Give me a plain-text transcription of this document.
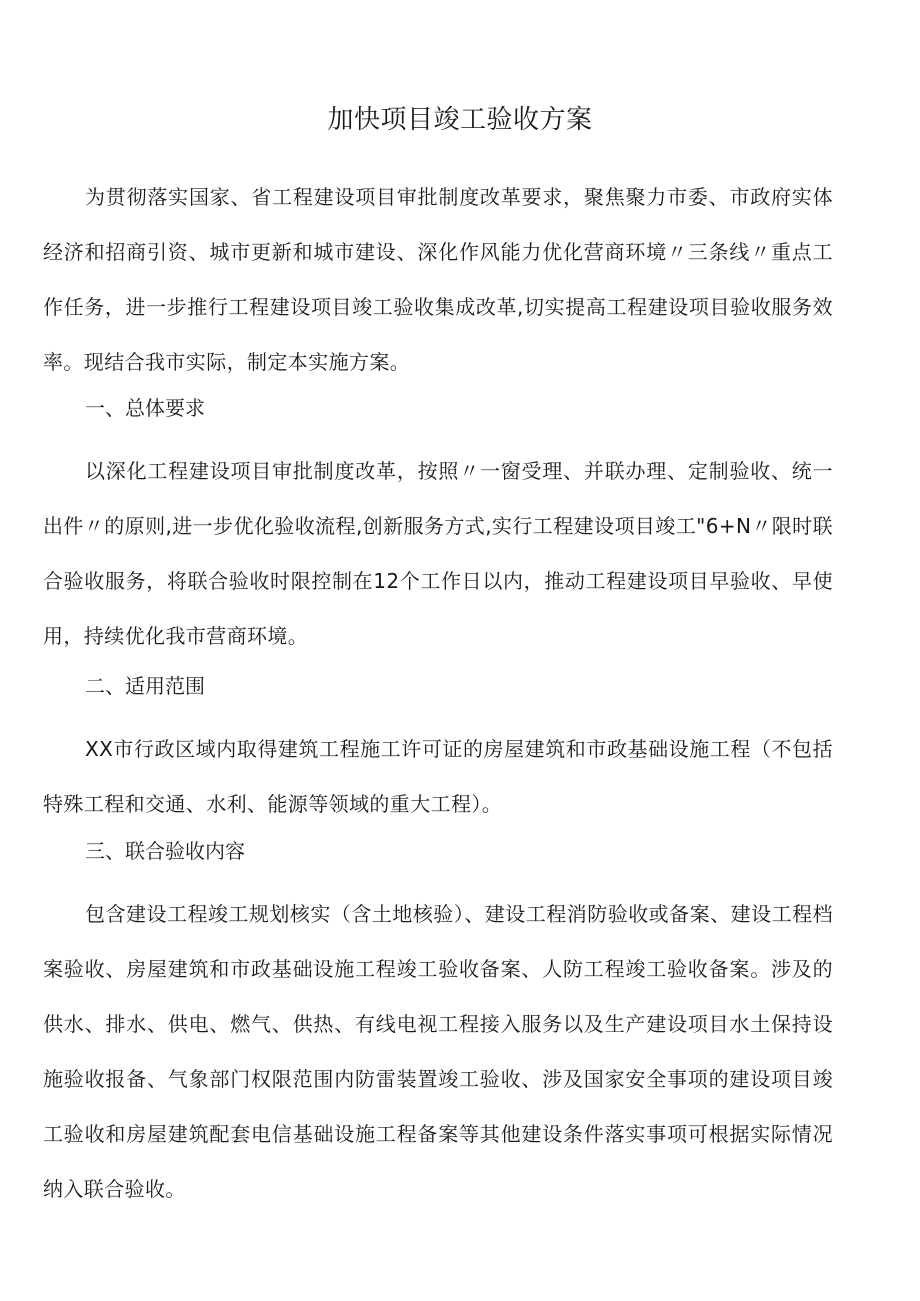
加快项目竣工验收方案

为贯彻落实国家、省工程建设项目审批制度改革要求，聚焦聚力市委、市政府实体经济和招商引资、城市更新和城市建设、深化作风能力优化营商环境〃三条线〃重点工作任务，进一步推行工程建设项目竣工验收集成改革,切实提高工程建设项目验收服务效率。现结合我市实际，制定本实施方案。

一、总体要求

以深化工程建设项目审批制度改革，按照〃一窗受理、并联办理、定制验收、统一出件〃的原则,进一步优化验收流程,创新服务方式,实行工程建设项目竣工"6+N〃限时联合验收服务，将联合验收时限控制在12个工作日以内，推动工程建设项目早验收、早使用，持续优化我市营商环境。

二、适用范围

XX市行政区域内取得建筑工程施工许可证的房屋建筑和市政基础设施工程（不包括特殊工程和交通、水利、能源等领域的重大工程）。

三、联合验收内容

包含建设工程竣工规划核实（含土地核验）、建设工程消防验收或备案、建设工程档案验收、房屋建筑和市政基础设施工程竣工验收备案、人防工程竣工验收备案。涉及的供水、排水、供电、燃气、供热、有线电视工程接入服务以及生产建设项目水土保持设施验收报备、气象部门权限范围内防雷装置竣工验收、涉及国家安全事项的建设项目竣工验收和房屋建筑配套电信基础设施工程备案等其他建设条件落实事项可根据实际情况纳入联合验收。
